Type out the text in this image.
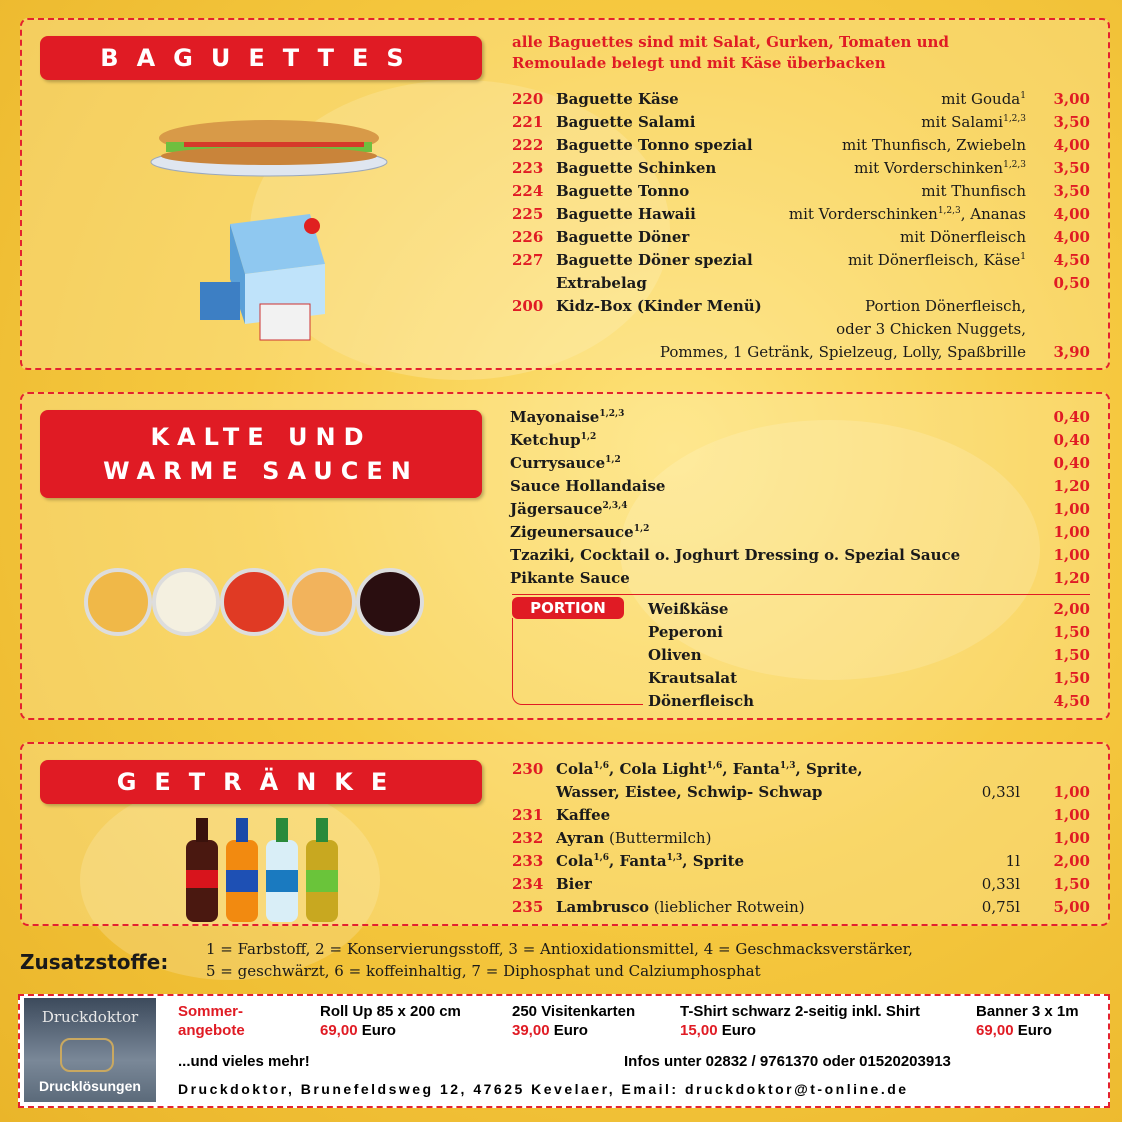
BAGUETTES
alle Baguettes sind mit Salat, Gurken, Tomaten und Remoulade belegt und mit Käse überbacken
220 Baguette Käse	mit Gouda$^1$	3,00
221 Baguette Salami	mit Salami$^{1,2,3}$	3,50
222 Baguette Tonno spezial	mit Thunfisch, Zwiebeln	4,00
223 Baguette Schinken	mit Vorderschinken$^{1,2,3}$	3,50
224 Baguette Tonno	mit Thunfisch	3,50
225 Baguette Hawaii	mit Vorderschinken$^{1,2,3}$, Ananas	4,00
226 Baguette Döner	mit Dönerfleisch	4,00
227 Baguette Döner spezial	mit Dönerfleisch, Käse$^1$	4,50
Extrabelag	0,50
200 Kidz-Box (Kinder Menü)	Portion Dönerfleisch,
oder 3 Chicken Nuggets,
Pommes, 1 Getränk, Spielzeug, Lolly, Spaßbrille	3,90
KALTE UND
WARME SAUCEN
Mayonaise$^{1,2,3}$	0,40
Ketchup$^{1,2}$	0,40
Currysauce$^{1,2}$	0,40
Sauce Hollandaise	1,20
Jägersauce$^{2,3,4}$	1,00
Zigeunersauce$^{1,2}$	1,00
Tzaziki, Cocktail o. Joghurt Dressing o. Spezial Sauce	1,00
Pikante Sauce	1,20
PORTION	Weißkäse	2,00
Peperoni	1,50
Oliven	1,50
Krautsalat	1,50
Dönerfleisch	4,50
GETRÄNKE	230 Cola$^{1,6}$, Cola Light$^{1,6}$, Fanta$^{1,3}$, Sprite,
Wasser, Eistee, Schwip- Schwap	0,33l	1,00
231 Kaffee	1,00
232 Ayran (Buttermilch)	1,00
233 Cola$^{1,6}$, Fanta$^{1,3}$, Sprite	1l	2,00
234 Bier	0,33l	1,50
235 Lambrusco (lieblicher Rotwein)	0,75l	5,00
Zusatzstoffe:
1 = Farbstoff, 2 = Konservierungsstoff, 3 = Antioxidationsmittel, 4 = Geschmacksverstärker,
5 = geschwärzt, 6 = koffeinhaltig, 7 = Diphosphat und Calziumphosphat
Druckdoktor
Drucklösungen
Sommer-
angebote
Roll Up 85 x 200 cm
69,00 Euro
250 Visitenkarten
39,00 Euro
T-Shirt schwarz 2-seitig inkl. Shirt
15,00 Euro
Banner 3 x 1m
69,00 Euro
...und vieles mehr!	Infos unter 02832 / 9761370 oder 01520203913
Druckdoktor, Brunefeldsweg 12, 47625 Kevelaer, Email: druckdoktor@t-online.de
